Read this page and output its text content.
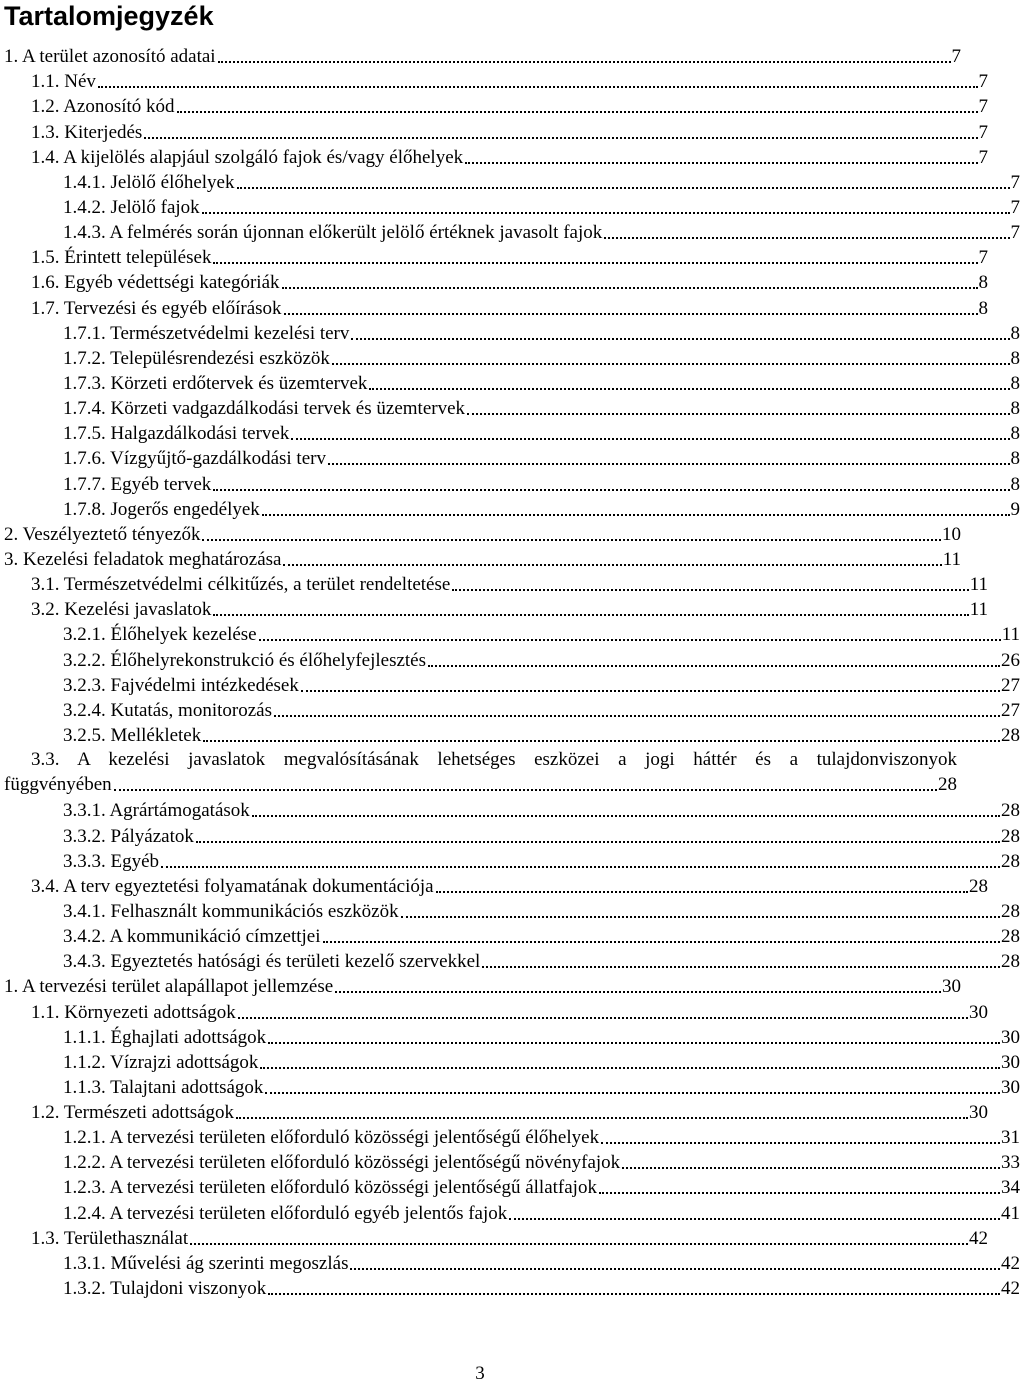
Tartalomjegyzék
1. A terület azonosító adatai	7
1.1. Név	7
1.2. Azonosító kód	7
1.3. Kiterjedés	7
1.4. A kijelölés alapjául szolgáló fajok és/vagy élőhelyek	7
1.4.1. Jelölő élőhelyek	7
1.4.2. Jelölő fajok	7
1.4.3. A felmérés során újonnan előkerült jelölő értéknek javasolt fajok	7
1.5. Érintett települések	7
1.6. Egyéb védettségi kategóriák	8
1.7. Tervezési és egyéb előírások	8
1.7.1. Természetvédelmi kezelési terv	8
1.7.2. Településrendezési eszközök	8
1.7.3. Körzeti erdőtervek és üzemtervek	8
1.7.4. Körzeti vadgazdálkodási tervek és üzemtervek	8
1.7.5. Halgazdálkodási tervek	8
1.7.6. Vízgyűjtő-gazdálkodási terv	8
1.7.7. Egyéb tervek	8
1.7.8. Jogerős engedélyek	9
2. Veszélyeztető tényezők	10
3. Kezelési feladatok meghatározása	11
3.1. Természetvédelmi célkitűzés, a terület rendeltetése	11
3.2. Kezelési javaslatok	11
3.2.1. Élőhelyek kezelése	11
3.2.2. Élőhelyrekonstrukció és élőhelyfejlesztés	26
3.2.3. Fajvédelmi intézkedések	27
3.2.4. Kutatás, monitorozás	27
3.2.5. Mellékletek	28
3.3. A kezelési javaslatok megvalósításának lehetséges eszközei a jogi háttér és a tulajdonviszonyok
függvényében	28
3.3.1. Agrártámogatások	28
3.3.2. Pályázatok	28
3.3.3. Egyéb	28
3.4. A terv egyeztetési folyamatának dokumentációja	28
3.4.1. Felhasznált kommunikációs eszközök	28
3.4.2. A kommunikáció címzettjei	28
3.4.3. Egyeztetés hatósági és területi kezelő szervekkel	28
1. A tervezési terület alapállapot jellemzése	30
1.1. Környezeti adottságok	30
1.1.1. Éghajlati adottságok	30
1.1.2. Vízrajzi adottságok	30
1.1.3. Talajtani adottságok	30
1.2. Természeti adottságok	30
1.2.1. A tervezési területen előforduló közösségi jelentőségű élőhelyek	31
1.2.2. A tervezési területen előforduló közösségi jelentőségű növényfajok	33
1.2.3. A tervezési területen előforduló közösségi jelentőségű állatfajok	34
1.2.4. A tervezési területen előforduló egyéb jelentős fajok	41
1.3. Területhasználat	42
1.3.1. Művelési ág szerinti megoszlás	42
1.3.2. Tulajdoni viszonyok	42
3
